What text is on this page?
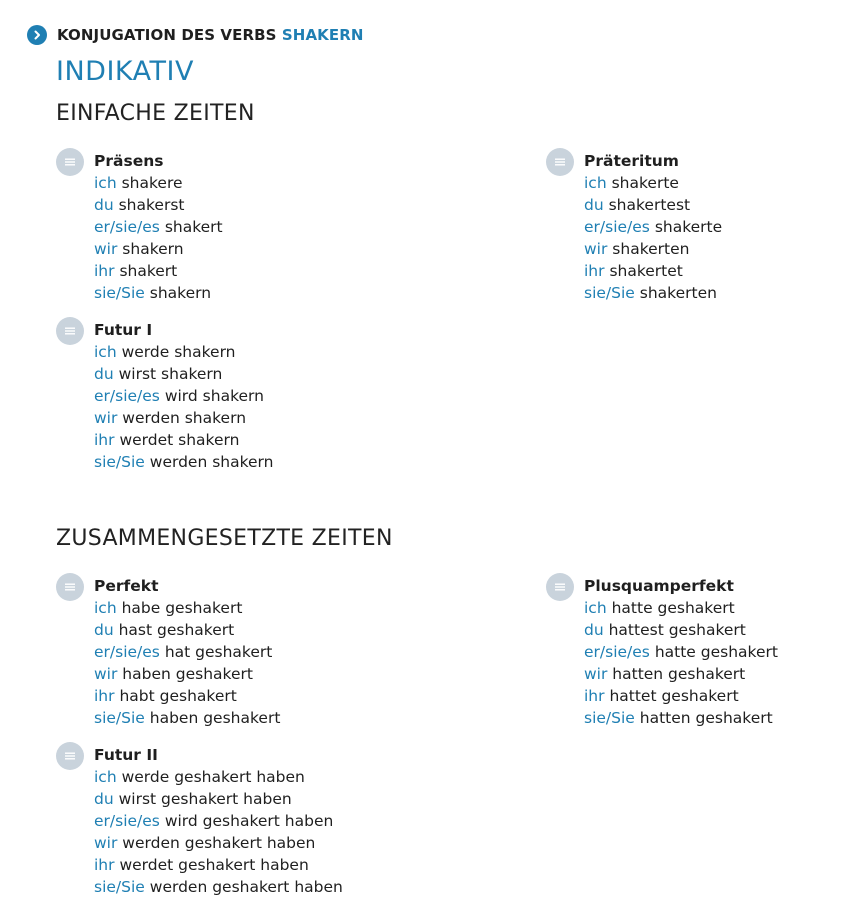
KONJUGATION DES VERBS SHAKERN
INDIKATIV
EINFACHE ZEITEN
ZUSAMMENGESETZTE ZEITEN
Präsens
ich shakere
du shakerst
er/sie/es shakert
wir shakern
ihr shakert
sie/Sie shakern
Präteritum
ich shakerte
du shakertest
er/sie/es shakerte
wir shakerten
ihr shakertet
sie/Sie shakerten
Futur I
ich werde shakern
du wirst shakern
er/sie/es wird shakern
wir werden shakern
ihr werdet shakern
sie/Sie werden shakern
Perfekt
ich habe geshakert
du hast geshakert
er/sie/es hat geshakert
wir haben geshakert
ihr habt geshakert
sie/Sie haben geshakert
Plusquamperfekt
ich hatte geshakert
du hattest geshakert
er/sie/es hatte geshakert
wir hatten geshakert
ihr hattet geshakert
sie/Sie hatten geshakert
Futur II
ich werde geshakert haben
du wirst geshakert haben
er/sie/es wird geshakert haben
wir werden geshakert haben
ihr werdet geshakert haben
sie/Sie werden geshakert haben
